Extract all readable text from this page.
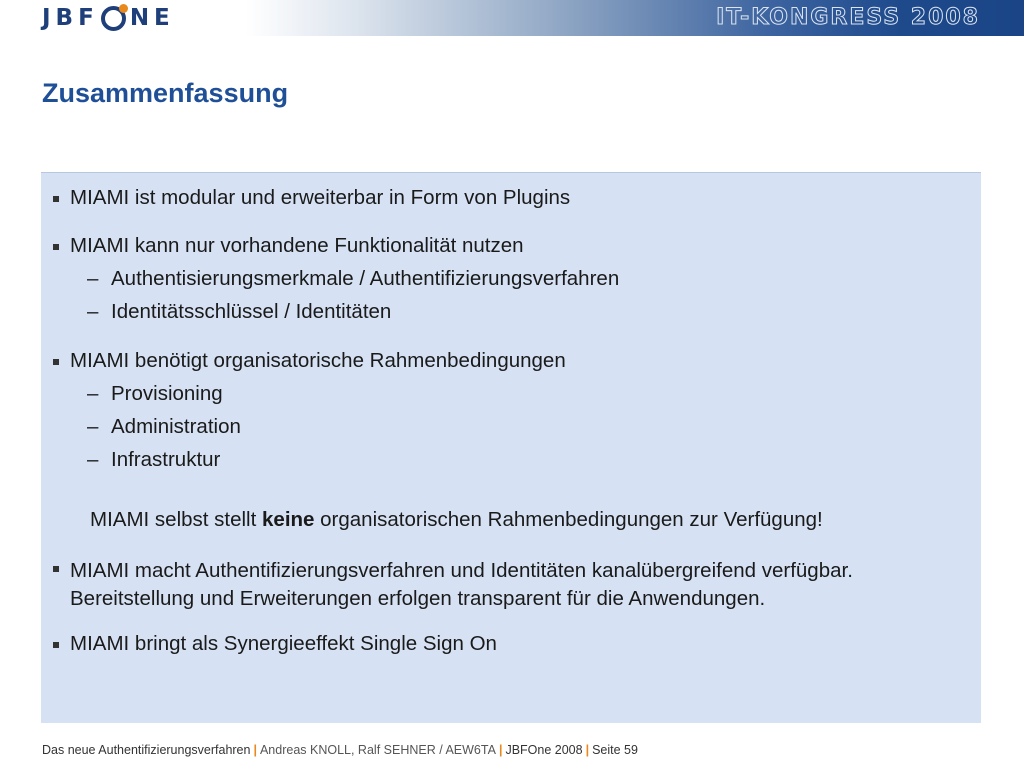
JBF NE	IT-KONGRESS 2008
Zusammenfassung
MIAMI ist modular und erweiterbar in Form von Plugins
MIAMI kann nur vorhandene Funktionalität nutzen
– Authentisierungsmerkmale / Authentifizierungsverfahren
– Identitätsschlüssel / Identitäten
MIAMI benötigt organisatorische Rahmenbedingungen
– Provisioning
– Administration
– Infrastruktur
MIAMI selbst stellt keine organisatorischen Rahmenbedingungen zur Verfügung!
MIAMI macht Authentifizierungsverfahren und Identitäten kanalübergreifend verfügbar.
Bereitstellung und Erweiterungen erfolgen transparent für die Anwendungen.
MIAMI bringt als Synergieeffekt Single Sign On
Das neue Authentifizierungsverfahren | Andreas KNOLL, Ralf SEHNER / AEW6TA | JBFOne 2008 | Seite 59
